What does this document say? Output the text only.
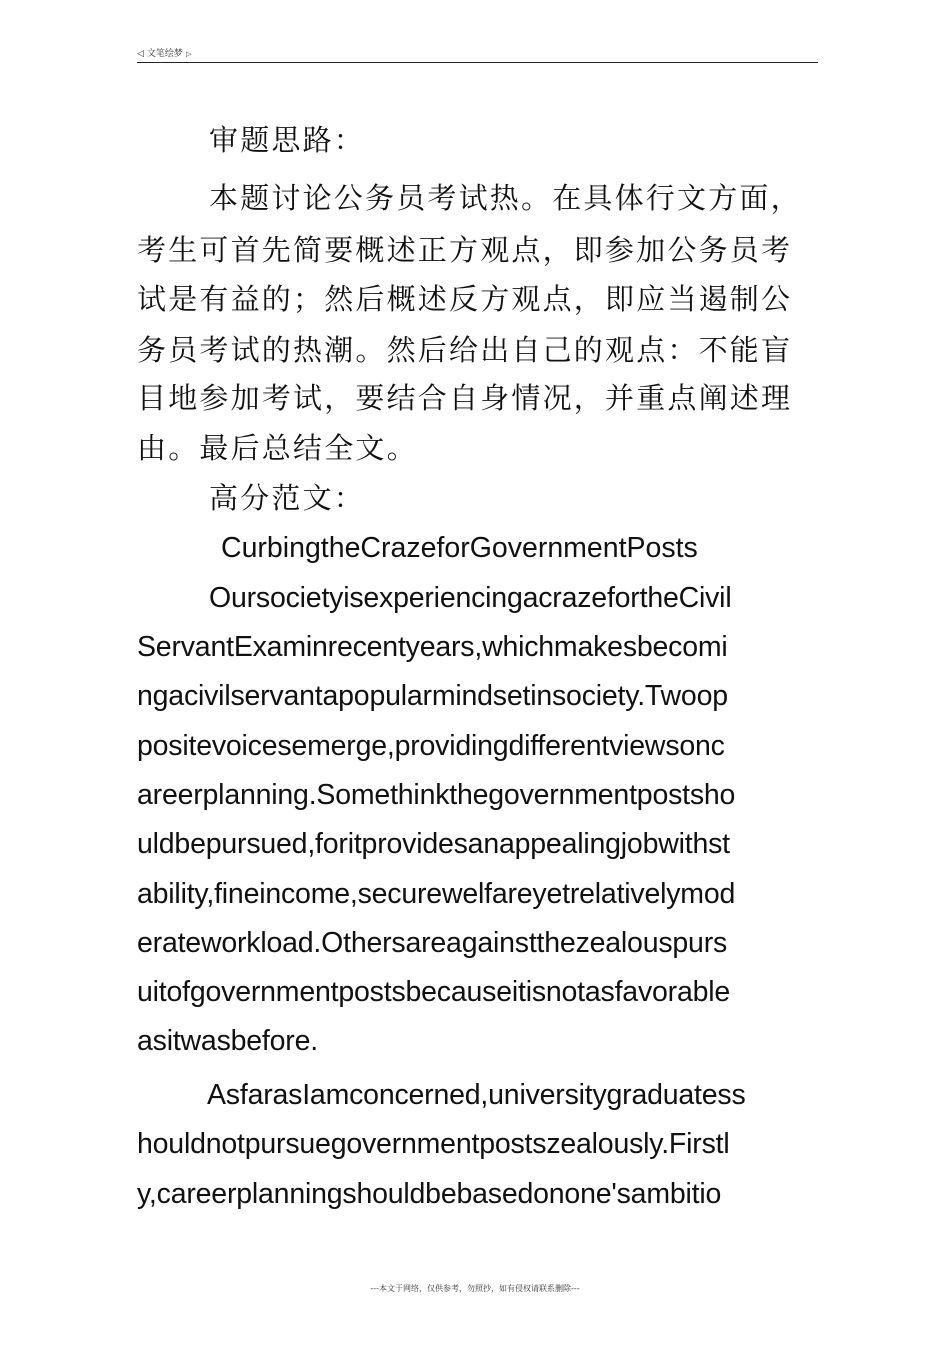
◁ 文笔绘梦 ▷
审题思路：
本题讨论公务员考试热。在具体行文方面，
考生可首先简要概述正方观点，即参加公务员考
试是有益的；然后概述反方观点，即应当遏制公
务员考试的热潮。然后给出自己的观点：不能盲
目地参加考试，要结合自身情况，并重点阐述理
由。最后总结全文。
高分范文：
CurbingtheCrazeforGovernmentPosts
OursocietyisexperiencingacrazefortheCivil
ServantExaminrecentyears,whichmakesbecomi
ngacivilservantapopularmindsetinsociety.Twoop
positevoicesemerge,providingdifferentviewsonc
areerplanning.Somethinkthegovernmentpostsho
uldbepursued,foritprovidesanappealingjobwithst
ability,fineincome,securewelfareyetrelativelymod
erateworkload.Othersareagainstthezealouspurs
uitofgovernmentpostsbecauseitisnotasfavorable
asitwasbefore.
AsfarasIamconcerned,universitygraduatess
houldnotpursuegovernmentpostszealously.Firstl
y,careerplanningshouldbebasedonone'sambitio
---本文于网络，仅供参考，勿照抄，如有侵权请联系删除---
